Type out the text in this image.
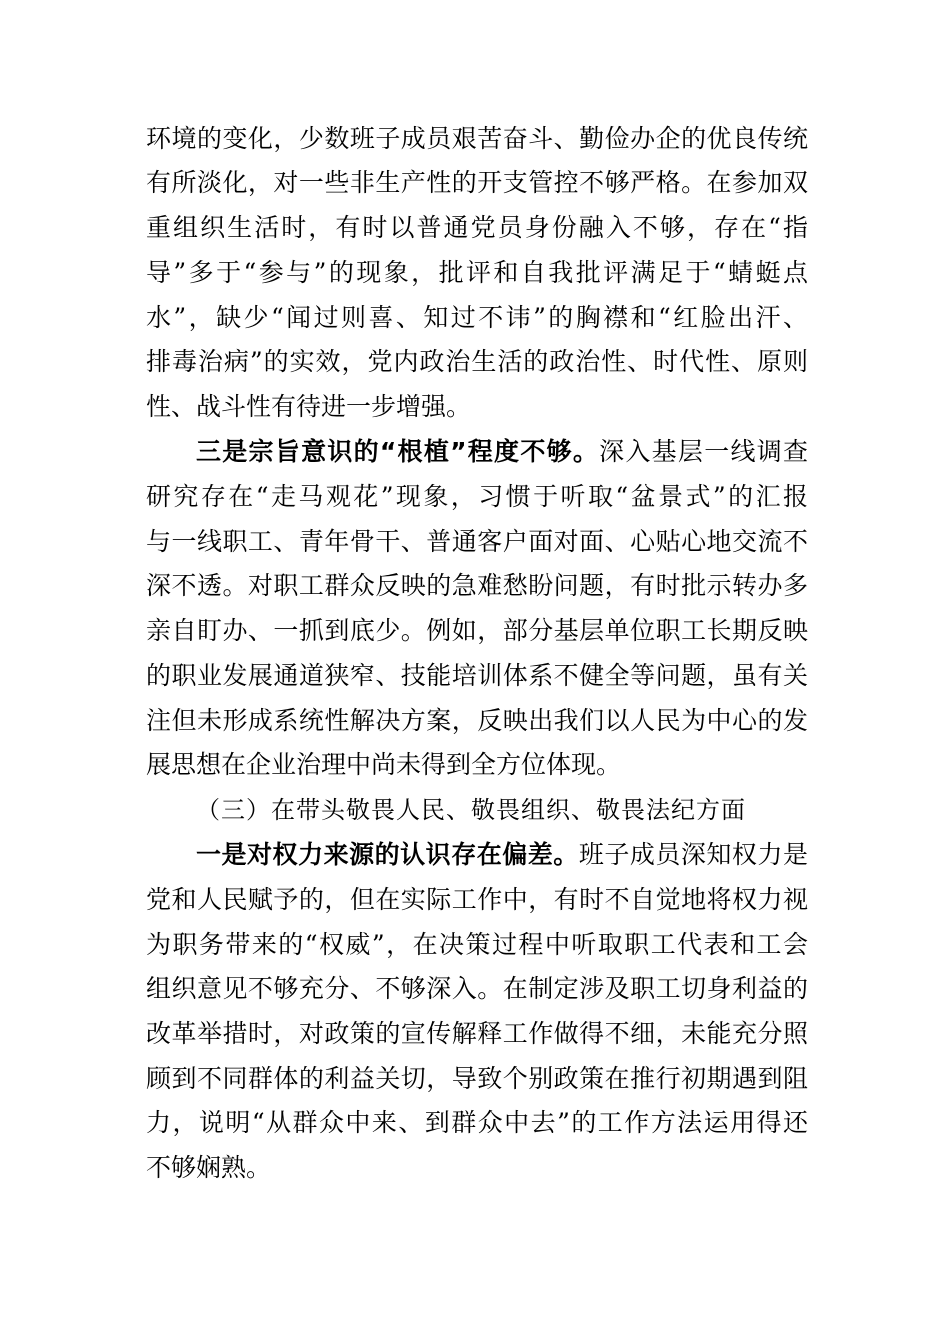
环境的变化，少数班子成员艰苦奋斗、勤俭办企的优良传统
有所淡化，对一些非生产性的开支管控不够严格。在参加双
重组织生活时，有时以普通党员身份融入不够，存在“指
导”多于“参与”的现象，批评和自我批评满足于“蜻蜓点
水”，缺少“闻过则喜、知过不讳”的胸襟和“红脸出汗、
排毒治病”的实效，党内政治生活的政治性、时代性、原则
性、战斗性有待进一步增强。
三是宗旨意识的“根植”程度不够。深入基层一线调查
研究存在“走马观花”现象，习惯于听取“盆景式”的汇报
与一线职工、青年骨干、普通客户面对面、心贴心地交流不
深不透。对职工群众反映的急难愁盼问题，有时批示转办多
亲自盯办、一抓到底少。例如，部分基层单位职工长期反映
的职业发展通道狭窄、技能培训体系不健全等问题，虽有关
注但未形成系统性解决方案，反映出我们以人民为中心的发
展思想在企业治理中尚未得到全方位体现。
（三）在带头敬畏人民、敬畏组织、敬畏法纪方面
一是对权力来源的认识存在偏差。班子成员深知权力是
党和人民赋予的，但在实际工作中，有时不自觉地将权力视
为职务带来的“权威”，在决策过程中听取职工代表和工会
组织意见不够充分、不够深入。在制定涉及职工切身利益的
改革举措时，对政策的宣传解释工作做得不细，未能充分照
顾到不同群体的利益关切，导致个别政策在推行初期遇到阻
力，说明“从群众中来、到群众中去”的工作方法运用得还
不够娴熟。
